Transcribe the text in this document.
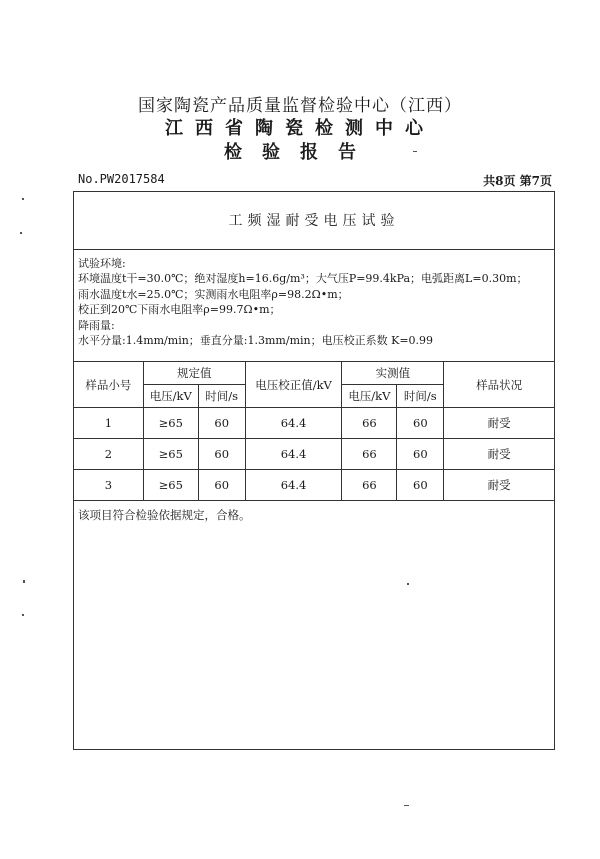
国家陶瓷产品质量监督检验中心（江西）
江西省陶瓷检测中心
检验报告
No.PW2017584	共8页 第7页
工频湿耐受电压试验
试验环境:
环境温度t干=30.0℃；绝对湿度h=16.6g/m³；大气压P=99.4kPa；电弧距离L=0.30m；
雨水温度t水=25.0℃；实测雨水电阻率ρ=98.2Ω•m；
校正到20℃下雨水电阻率ρ=99.7Ω•m；
降雨量:
水平分量:1.4mm/min；垂直分量:1.3mm/min；电压校正系数 K=0.99
样品小号	规定值		电压校正值/kV	实测值		样品状况
	电压/kV	时间/s		电压/kV	时间/s	
1	≥65	60	64.4	66	60	耐受
2	≥65	60	64.4	66	60	耐受
3	≥65	60	64.4	66	60	耐受
该项目符合检验依据规定，合格。
